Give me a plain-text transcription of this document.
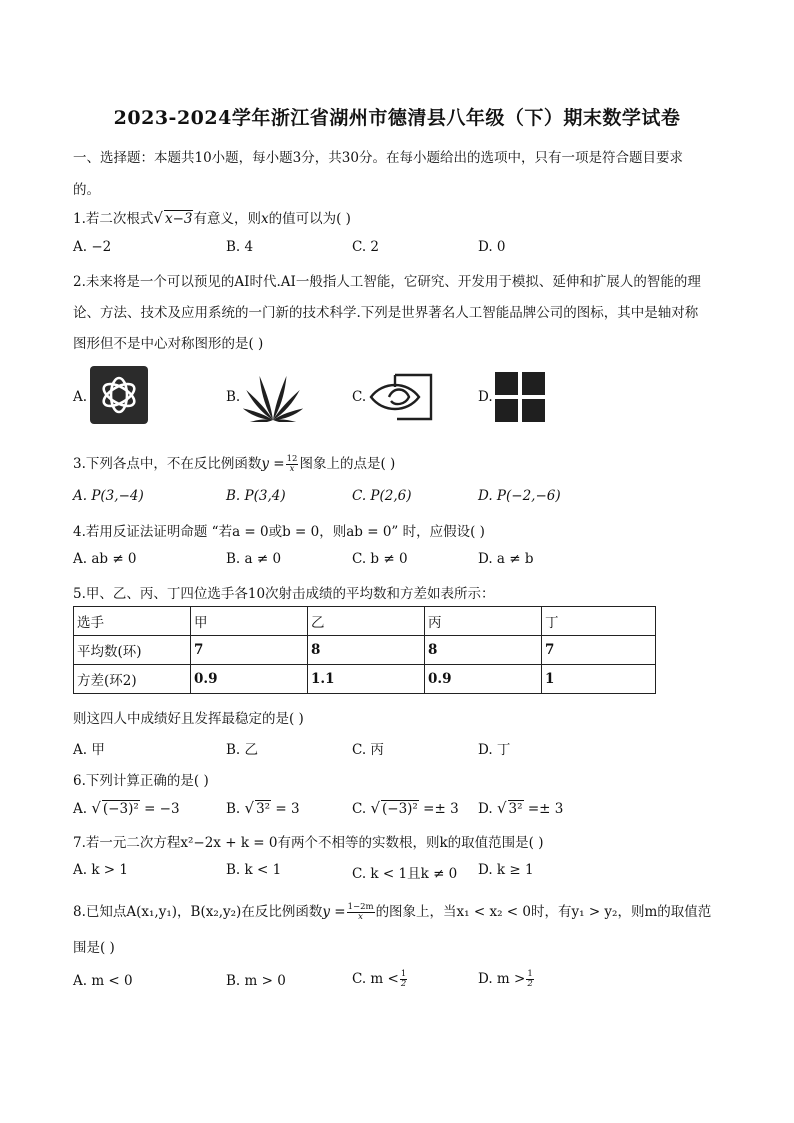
2023-2024学年浙江省湖州市德清县八年级（下）期末数学试卷
一、选择题：本题共10小题，每小题3分，共30分。在每小题给出的选项中，只有一项是符合题目要求
的。
1.若二次根式√ x−3有意义，则x的值可以为( )
A. −2	B. 4	C. 2	D. 0
2.未来将是一个可以预见的AI时代.AI一般指人工智能，它研究、开发用于模拟、延伸和扩展人的智能的理
论、方法、技术及应用系统的一门新的技术科学.下列是世界著名人工智能品牌公司的图标，其中是轴对称
图形但不是中心对称图形的是( )
A.	B.	C.	D.
3.下列各点中，不在反比例函数$y = \frac{12}{x}$ 图象上的点是( )
A. P(3,−4)	B. P(3,4)	C. P(2,6)	D. P(−2,−6)
4.若用反证法证明命题 “若a = 0或b = 0，则ab = 0” 时，应假设( )
A. ab ≠ 0	B. a ≠ 0	C. b ≠ 0	D. a ≠ b
5.甲、乙、丙、丁四位选手各10次射击成绩的平均数和方差如表所示：
选手	甲	乙	丙	丁
平均数(环)	7	8	8	7
方差(环2)	0.9	1.1	0.9	1
则这四人中成绩好且发挥最稳定的是( )
A. 甲	B. 乙	C. 丙	D. 丁
6.下列计算正确的是( )
A. √ (−3)² = −3	B. √ 3² = 3	C. √ (−3)² =± 3 D. √ 3² =± 3
7.若一元二次方程x²−2x + k = 0有两个不相等的实数根，则k的取值范围是( )
A. k > 1	B. k < 1	C. k < 1且k ≠ 0 D. k ≥ 1
8.已知点A(x₁,y₁)，B(x₂,y₂)在反比例函数$y = \frac{1-2m}{x}$ 的图象上，当x₁ < x₂ < 0时，有y₁ > y₂，则m的取值范
围是( )
A. m < 0	B. m > 0	C. $m < \frac{1}{2}$	D. $m > \frac{1}{2}$
